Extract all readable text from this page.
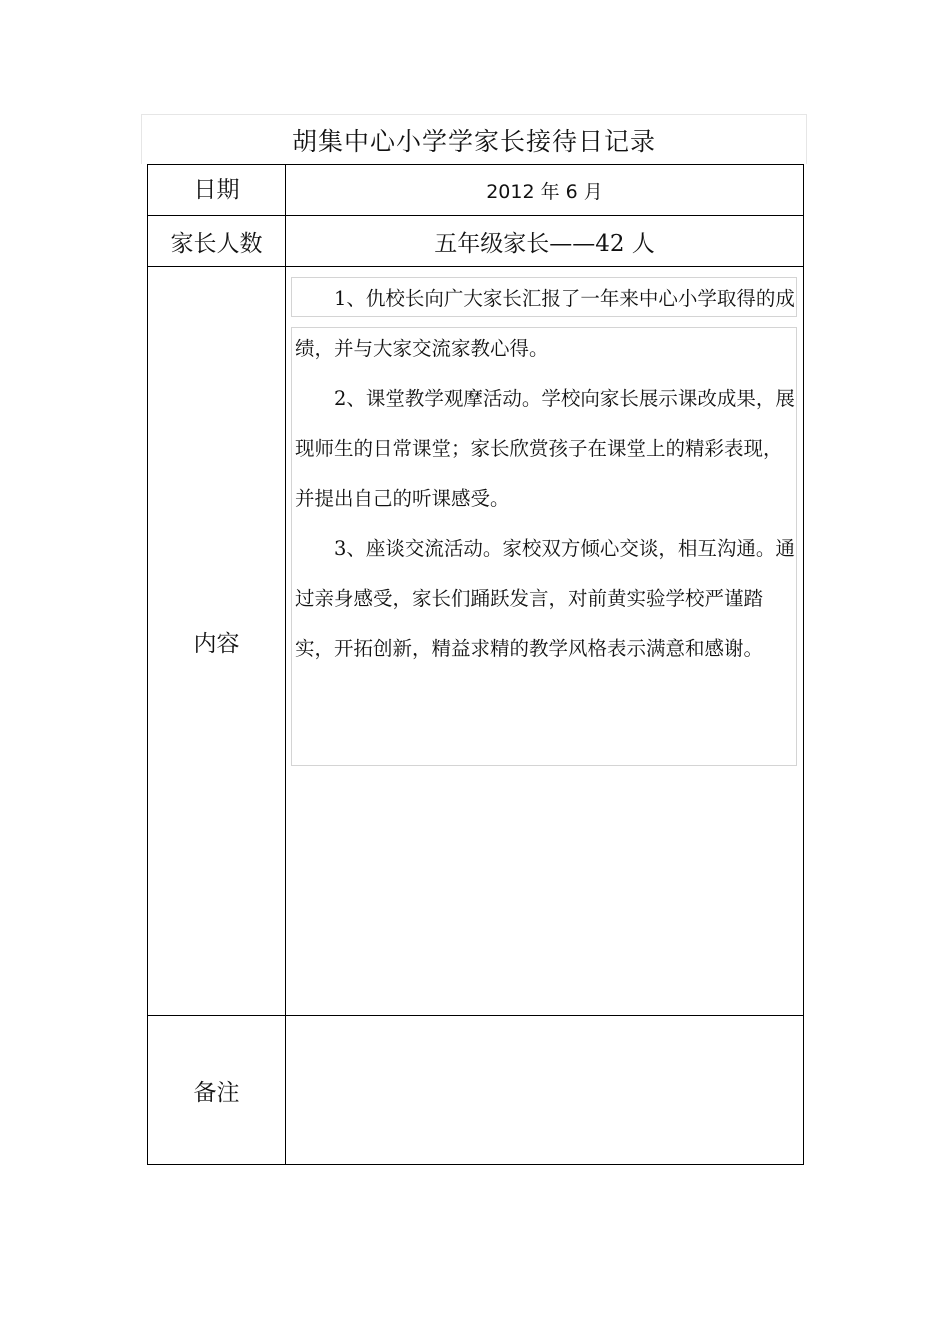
胡集中心小学学家长接待日记录
日期	2012 年 6 月
家长人数	五年级家长——42 人
内容

1、仇校长向广大家长汇报了一年来中心小学取得的成绩，并与大家交流家教心得。

2、课堂教学观摩活动。学校向家长展示课改成果，展现师生的日常课堂；家长欣赏孩子在课堂上的精彩表现，并提出自己的听课感受。

3、座谈交流活动。家校双方倾心交谈，相互沟通。通过亲身感受，家长们踊跃发言，对前黄实验学校严谨踏实，开拓创新，精益求精的教学风格表示满意和感谢。

备注
